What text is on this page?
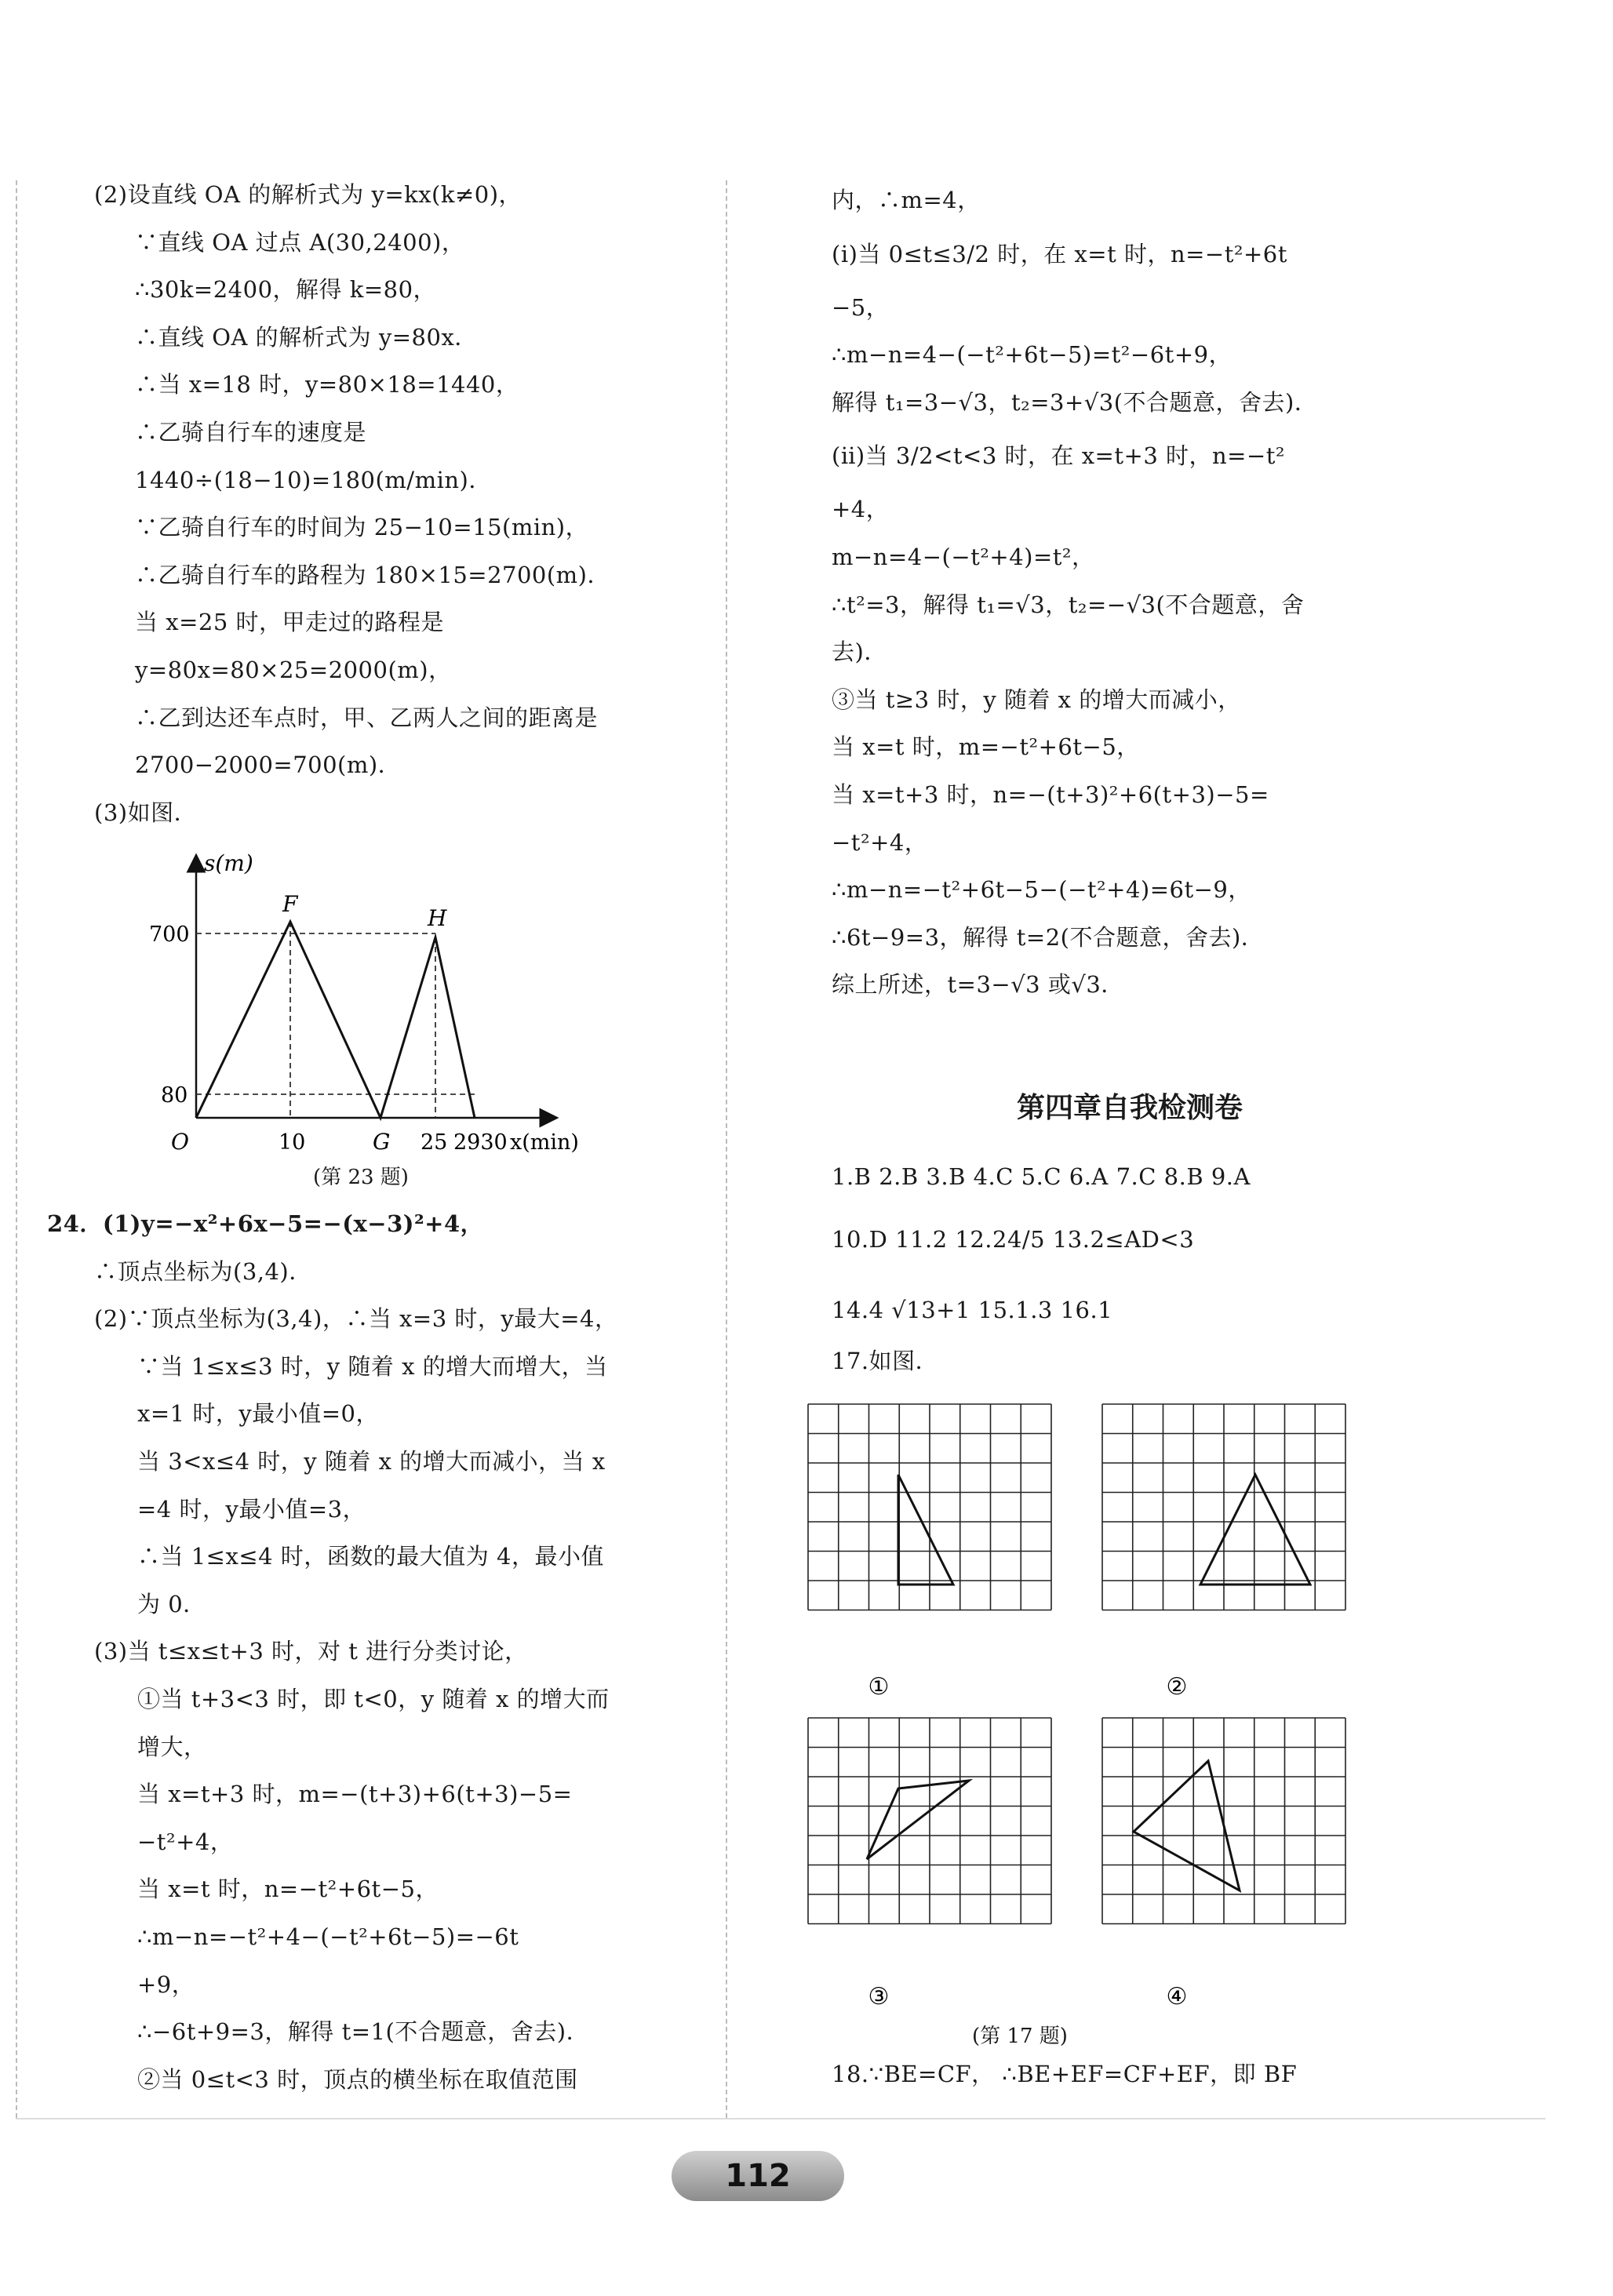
(2)设直线 OA 的解析式为 y=kx(k≠0)，
∵直线 OA 过点 A(30,2400)，
∴30k=2400，解得 k=80，
∴直线 OA 的解析式为 y=80x．
∴当 x=18 时，y=80×18=1440，
∴乙骑自行车的速度是
1440÷(18−10)=180(m/min)．
∵乙骑自行车的时间为 25−10=15(min)，
∴乙骑自行车的路程为 180×15=2700(m)．
当 x=25 时，甲走过的路程是
y=80x=80×25=2000(m)，
∴乙到达还车点时，甲、乙两人之间的距离是
2700−2000=700(m)．
(3)如图．
s(m)
F
H
700
80
O	10	G 25 2930 x(min)
(第 23 题)
24．(1)y=−x²+6x−5=−(x−3)²+4，
∴顶点坐标为(3,4)．
(2)∵顶点坐标为(3,4)，∴当 x=3 时，y最大=4，
∵当 1≤x≤3 时，y 随着 x 的增大而增大，当
x=1 时，y最小值=0，
当 3<x≤4 时，y 随着 x 的增大而减小，当 x
=4 时，y最小值=3，
∴当 1≤x≤4 时，函数的最大值为 4，最小值
为 0．
(3)当 t≤x≤t+3 时，对 t 进行分类讨论，
①当 t+3<3 时，即 t<0，y 随着 x 的增大而
增大，
当 x=t+3 时，m=−(t+3)+6(t+3)−5=
−t²+4，
当 x=t 时，n=−t²+6t−5，
∴m−n=−t²+4−(−t²+6t−5)=−6t
+9，
∴−6t+9=3，解得 t=1(不合题意，舍去)．
②当 0≤t<3 时，顶点的横坐标在取值范围
内，∴m=4，
(ⅰ)当 0≤t≤3/2 时，在 x=t 时，n=−t²+6t
−5，
∴m−n=4−(−t²+6t−5)=t²−6t+9，
解得 t₁=3−√3，t₂=3+√3(不合题意，舍去)．
(ⅱ)当 3/2<t<3 时，在 x=t+3 时，n=−t²
+4，
m−n=4−(−t²+4)=t²，
∴t²=3，解得 t₁=√3，t₂=−√3(不合题意，舍
去)．
③当 t≥3 时，y 随着 x 的增大而减小，
当 x=t 时，m=−t²+6t−5，
当 x=t+3 时，n=−(t+3)²+6(t+3)−5=
−t²+4，
∴m−n=−t²+6t−5−(−t²+4)=6t−9，
∴6t−9=3，解得 t=2(不合题意，舍去)．
综上所述，t=3−√3 或√3．
第四章自我检测卷
1.B 2.B 3.B 4.C 5.C 6.A 7.C 8.B 9.A
10.D 11.2 12.24/5 13.2≤AD<3
14.4 √13+1 15.1.3 16.1
17.如图．
①	②
③	④
(第 17 题)
18.∵BE=CF， ∴BE+EF=CF+EF，即 BF
112
